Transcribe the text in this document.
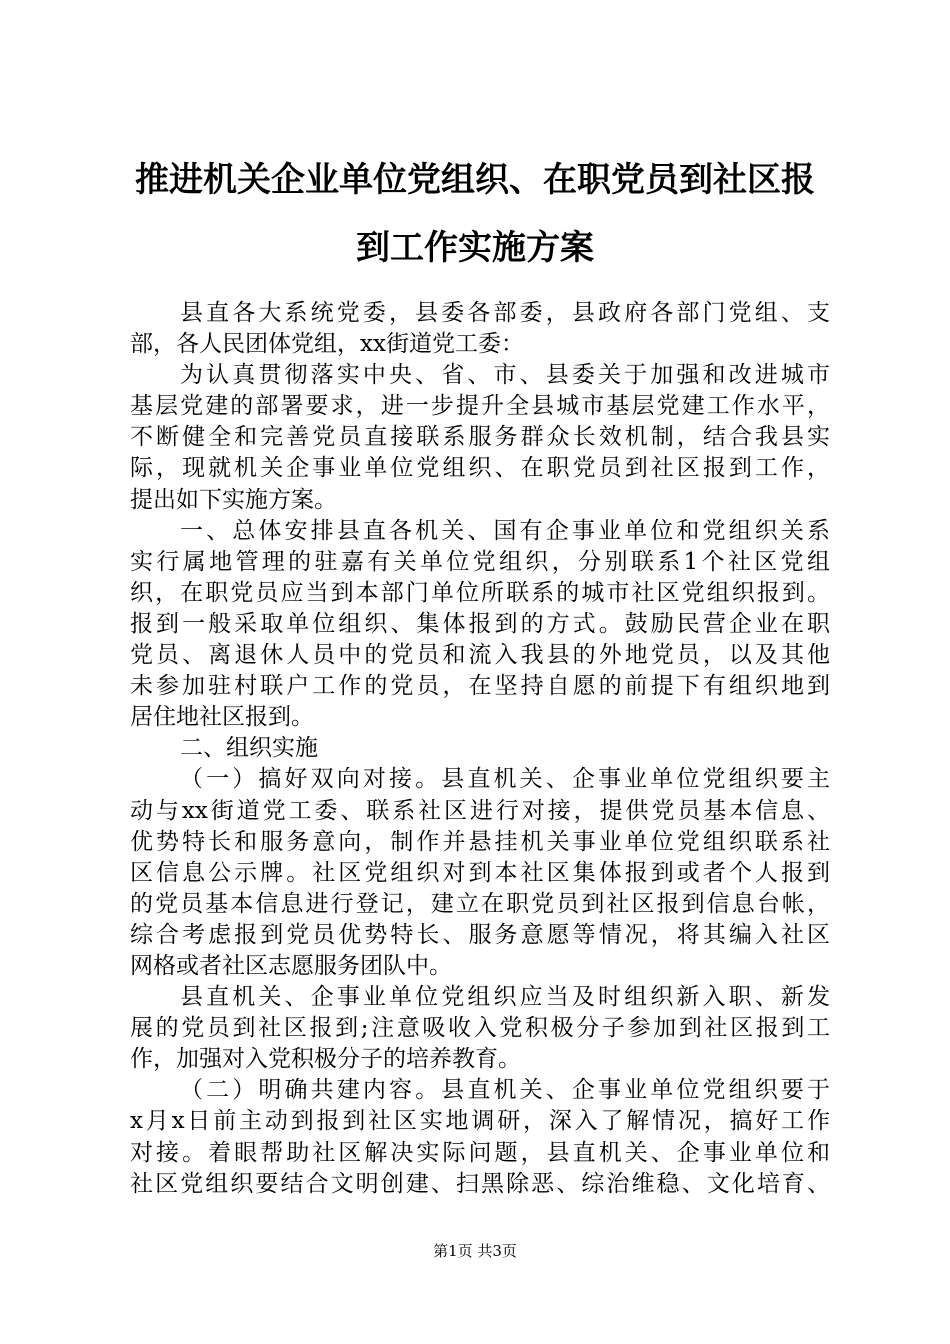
推进机关企业单位党组织、在职党员到社区报
到工作实施方案
县直各大系统党委，县委各部委，县政府各部门党组、支
部，各人民团体党组，xx街道党工委：
为认真贯彻落实中央、省、市、县委关于加强和改进城市
基层党建的部署要求，进一步提升全县城市基层党建工作水平，
不断健全和完善党员直接联系服务群众长效机制，结合我县实
际，现就机关企事业单位党组织、在职党员到社区报到工作，
提出如下实施方案。
一、总体安排县直各机关、国有企事业单位和党组织关系
实行属地管理的驻嘉有关单位党组织，分别联系1个社区党组
织，在职党员应当到本部门单位所联系的城市社区党组织报到。
报到一般采取单位组织、集体报到的方式。鼓励民营企业在职
党员、离退休人员中的党员和流入我县的外地党员，以及其他
未参加驻村联户工作的党员，在坚持自愿的前提下有组织地到
居住地社区报到。
二、组织实施
（一）搞好双向对接。县直机关、企事业单位党组织要主
动与xx街道党工委、联系社区进行对接，提供党员基本信息、
优势特长和服务意向，制作并悬挂机关事业单位党组织联系社
区信息公示牌。社区党组织对到本社区集体报到或者个人报到
的党员基本信息进行登记，建立在职党员到社区报到信息台帐，
综合考虑报到党员优势特长、服务意愿等情况，将其编入社区
网格或者社区志愿服务团队中。
县直机关、企事业单位党组织应当及时组织新入职、新发
展的党员到社区报到;注意吸收入党积极分子参加到社区报到工
作，加强对入党积极分子的培养教育。
（二）明确共建内容。县直机关、企事业单位党组织要于
x月x日前主动到报到社区实地调研，深入了解情况，搞好工作
对接。着眼帮助社区解决实际问题，县直机关、企事业单位和
社区党组织要结合文明创建、扫黑除恶、综治维稳、文化培育、
第1页 共3页
